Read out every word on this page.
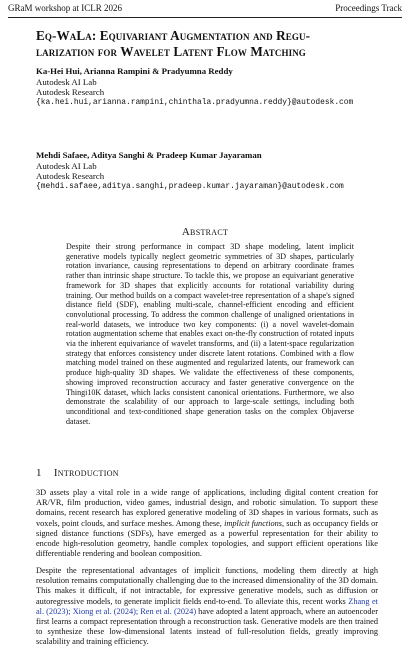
GRaM workshop at ICLR 2026	Proceedings Track
Eq-WaLa: Equivariant Augmentation and Regu-
larization for Wavelet Latent Flow Matching
Ka-Hei Hui, Arianna Rampini & Pradyumna Reddy
Autodesk AI Lab
Autodesk Research
{ka.hei.hui,arianna.rampini,chinthala.pradyumna.reddy}@autodesk.com
Mehdi Safaee, Aditya Sanghi & Pradeep Kumar Jayaraman
Autodesk AI Lab
Autodesk Research
{mehdi.safaee,aditya.sanghi,pradeep.kumar.jayaraman}@autodesk.com
Abstract
Despite their strong performance in compact 3D shape modeling, latent implicit generative models typically neglect geometric symmetries of 3D shapes, particularly rotation invariance, causing representations to depend on arbitrary coordinate frames rather than intrinsic shape structure. To tackle this, we propose an equivariant generative framework for 3D shapes that explicitly accounts for rotational variability during training. Our method builds on a compact wavelet-tree representation of a shape's signed distance field (SDF), enabling multi-scale, channel-efficient encoding and efficient convolutional processing. To address the common challenge of unaligned orientations in real-world datasets, we introduce two key components: (i) a novel wavelet-domain rotation augmentation scheme that enables exact on-the-fly construction of rotated inputs via the inherent equivariance of wavelet transforms, and (ii) a latent-space regularization strategy that enforces consistency under discrete latent rotations. Combined with a flow matching model trained on these augmented and regularized latents, our framework can produce high-quality 3D shapes. We validate the effectiveness of these components, showing improved reconstruction accuracy and faster generative convergence on the Thingi10K dataset, which lacks consistent canonical orientations. Furthermore, we also demonstrate the scalability of our approach to large-scale settings, including both unconditional and text-conditioned shape generation tasks on the complex Objaverse dataset.
1 Introduction
3D assets play a vital role in a wide range of applications, including digital content creation for AR/VR, film production, video games, industrial design, and robotic simulation. To support these domains, recent research has explored generative modeling of 3D shapes in various formats, such as voxels, point clouds, and surface meshes. Among these, implicit functions, such as occupancy fields or signed distance functions (SDFs), have emerged as a powerful representation for their ability to encode high-resolution geometry, handle complex topologies, and support efficient operations like differentiable rendering and boolean composition.
Despite the representational advantages of implicit functions, modeling them directly at high resolution remains computationally challenging due to the increased dimensionality of the 3D domain. This makes it difficult, if not intractable, for expressive generative models, such as diffusion or autoregressive models, to generate implicit fields end-to-end. To alleviate this, recent works Zhang et al. (2023); Xiong et al. (2024); Ren et al. (2024) have adopted a latent approach, where an autoencoder first learns a compact representation through a reconstruction task. Generative models are then trained to synthesize these low-dimensional latents instead of full-resolution fields, greatly improving scalability and training efficiency.
